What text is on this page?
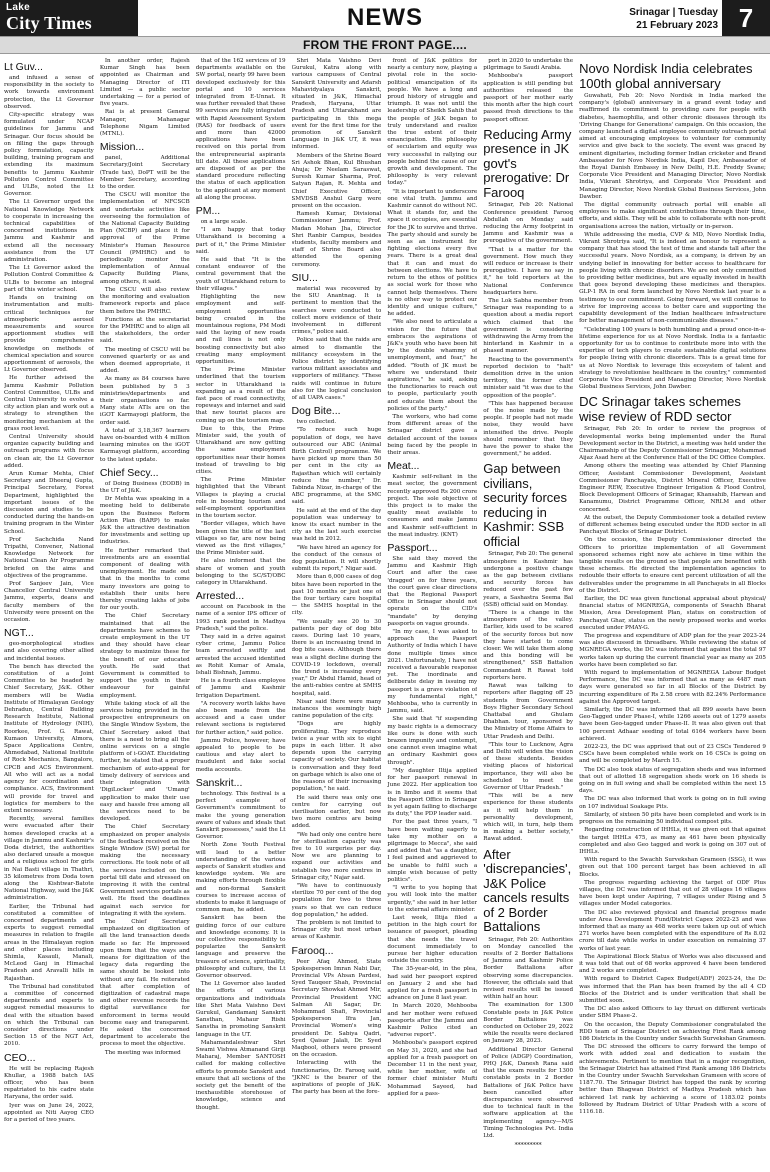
Lake
City Times	NEWS	Srinagar | Tuesday
21 February 2023 7
FROM THE FRONT PAGE....
Lt Guv...

and infused a sense of responsibility in the society to work towards environment protection, the Lt Governor observed.

City-specific strategy was formulated under NCAP guidelines for Jammu and Srinagar. Our focus should be on filling the gaps through policy formulation, capacity building, training program and extending its maximum benefits to Jammu Kashmir Pollution Control Committee and ULBs, noted the Lt Governor.

The Lt Governor urged the National Knowledge Network to cooperate in increasing the technical capabilities of concerned institutions in Jammu and Kashmir and extend all the necessary assistance from the UT administration.

The Lt Governor asked the Pollution Control Committee & ULBs to become an integral part of this winter school.

Hands on training on instrumentation and multi-critical techniques for atmospheric aerosol measurements and source apportionment studies will provide comprehensive knowledge on methods of chemical speciation and source apportionment of aerosols, the Lt Governor observed.

He further advised the Jammu Kashmir Pollution Control Committee, ULBs and Central University to evolve a city action plan and work out a strategy to strengthen the monitoring mechanism at the grass root level.

Central University should organize capacity building and outreach programs with focus on clean air, the Lt Governor added.

Arun Kumar Mehta, Chief Secretary and Dheeraj Gupta, Principal Secretary, Forest Department, highlighted the important issues of the discussion and studies to be conducted during the hands-on training program in the Winter School.

Prof Sachchida Nand Tripathi, Convener, National Knowledge Network for National Clean Air Programme briefed on the aims and objectives of the programme.

Prof Sanjeev Jain, Vice Chancellor Central University Jammu, experts, deans and faculty members of the University were present on the occasion.

NGT...

geo-morphological studies and also covering other allied and incidental issues.

The bench has directed the constitution of a Joint Committee to be headed by Chief Secretary, J&K. Other members will be Wadia Institute of Himalayan Geology Dehradun, Central Building Research Institute, National Institute of Hydrology (NIH), Roorkee, Prof. G. Rawat, Kumaon University, Almora, Space Applications Centre, Ahmedabad, National Institute of Rock Mechanics, Bangalore, CPCB and ACS Environment. All who will act as a nodal agency for coordination and compliance. ACS, Environment will provide for travel and logistics for members to the extent necessary.

Recently, several families were evacuated after their homes developed cracks at a village in Jammu and Kashmir's Doda district, the authorities also declared unsafe a mosque and a religious school for girls in Nai Basti village in Thathri, 35 kilometres from Doda town along the Kishtwar-Batote National Highway, said the J&K administration.

Earlier, the Tribunal had constituted a committee of concerned departments and experts to suggest remedial measures in relation to fragile areas in the Himalayan region and other places including Shimla, Kasauli, Manali, McLeod Ganj in Himachal Pradesh and Aravalli hills in Rajasthan.

The Tribunal had constituted a committee of concerned departments and experts to suggest remedial measures to deal with the situation based on which the Tribunal can consider directions under Section 15 of the NGT Act, 2010.

CEO...

He will be replacing Rajesh Khullar, a 1988 batch IAS officer, who has been repatriated to his cadre state Haryana, the order said.

Iyer was on June 24, 2022, appointed as Niti Aayog CEO for a period of two years.

In another order, Rajesh Kumar Singh has been appointed as Chairman and Managing Director of ITI Limited — a public sector undertaking — for a period of five years.

Rai is at present General Manager, Mahanagar Telephone Nigam Limited (MTNL).

Mission...

panel, Additional Secretary/Joint Secretary (Trade tax), DoPT will be the Member Secretary, according to the order.

The CSCU will monitor the implementation of NFCSCB and undertake activities like overseeing the formulation of the National Capacity Building Plan (NCBP) and place it for approval of the Prime Minister's Human Resource Council (PMHRC) and to periodically monitor the implementation of Annual Capacity Building Plans, among others, it said.

The CSCU will also review the monitoring and evaluation framework reports and place them before the PMHRC.

Functions at the secretariat for the PMHRC and to align all the stakeholders, the order said.

The meeting of CSCU will be convened quarterly or as and when deemed appropriate, it added.

As many as 84 courses have been published by 5 3 ministries/departments and their organisations so far. Many state ATIs are on the iGOT Karmayogi platform, the order said.

A total of 3,18,367 learners have on-boarded with 4 million learning minutes on the iGOT Karmayogi platform, according to the latest update.

Chief Secy...

of Doing Business (EODB) in the UT of J&K.

Dr Mehta was speaking in a meeting held to deliberate upon the Business Reform Action Plan (BARP) to make J&K the attractive destination for investments and setting up industries.

He further remarked that investments are an essential component of dealing with unemployment. He made out that in the months to come many investors are going to establish their units here thereby creating lakhs of jobs for our youth.

The Chief Secretary maintained that all the departments have schemes to create employment in the UT and they should have clear strategy to maximize these for the benefit of our educated youth. He said that Government is committed to support the youth in their endeavour for gainful employment.

While taking stock of all the services being provided in the prospective entrepreneurs on the Single Window System, the Chief Secretary asked that there is a need to bring all the online services on a single platform of i-GOAT. Elucidating further, he stated that a proper mechanism of auto-appeal for timely delivery of services and their integration with 'DigiLocker' and 'Umang' application to make their use easy and hassle free among all the services need to be developed.

The Chief Secretary emphasized on proper analysis of the feedback received on the Single Window (SW) portal for making the necessary corrections. He took note of all the services included on the portal till date and stressed on improving it with the central Government services portals as well. He fixed the deadlines against each service for integrating it with the system.

The Chief Secretary emphasized on digitization of all the land transaction deeds made so far. He impressed upon them that the ways and means for digitization of the legacy data regarding the same should be looked into without any fail. He reiterated that after completion of digitization of cadastral maps and other revenue records the digital surveillance for enforcement in terms would become easy and transparent. He asked the concerned department to accelerate the process to meet the objective.

The meeting was informed

that of the 162 services of 19 departments available on the SW portal, nearly 99 have been developed exclusively for this portal and 10 services integrated from E-Unnat. It was further revealed that these 99 services are fully integrated with Rapid Assessment System (RAS) for feedback of users and more than 42000 applications have been received on this portal from the entrepreneurial aspirants till date. All these applications are disposed of as per the standard procedure reflecting the status of each application to the applicant at any moment all along the process.

PM...

on a large scale.

"I am happy that today Uttarakhand is becoming a part of it," the Prime Minister said.

He said that "It is the constant endeavor of the central government that the youth of Uttarakhand return to their villages."

Highlighting the new employment and self-employment opportunities being created in the mountainous regions, PM Modi said the laying of new roads and rail lines is not only boosting connectivity but also creating many employment opportunities.

The Prime Minister underlined that the tourism sector in Uttarakhand is expanding as a result of the fast pace of road connectivity, ropeways and internet and said that new tourist places are coming up on the tourism map.

Due to this, the Prime Minister said, the youth of Uttarakhand are now getting the same employment opportunities near their homes instead of traveling to big cities.

The Prime Minister highlighted that the Vibrant Villages is playing a crucial role in boosting tourism and self-employment opportunities in the tourism sector.

"Border villages, which have been given the title of the last villages so far, are now being viewed as the first villages," the Prime Minister said.

He also informed that the share of women and youth belonging to the SC/ST/OBC category in Uttarakhand.

Arrested...

account on Facebook in the name of a senior IPS officer of 1993 rank posted in Madhya Pradesh," said the police.

They said in a drive against cyber crime, Jammu Police team arrested swiftly and arrested the accused identified as Rohit Kumar of Amala, Ishali Bishnah, Jammu.

He is a fourth class employee of Jammu and Kashmir Irrigation Department.

"A recovery worth lakhs have also been made from the accused and a case under relevant sections is registered for further action," said police.

Jammu Police, however, have appealed to people to be cautious and stay alert to fraudulent and fake social media accounts.

Sanskrit...

technology. This festival is a perfect example of Government's commitment to make the young generation aware of values and ideals that Sanskrit possesses," said the Lt Governor.

North Zone Youth Festival will lead to a better understanding of the various aspects of Sanskrit studies and knowledge system. We are making efforts through flexible and non-formal Sanskrit courses to increase access of students to make it language of common man, he added.

Sanskrit has been the guiding force of our culture and knowledge economy. It is our collective responsibility to popularize the Sanskrit language and preserve the treasure of science, spirituality, philosophy and culture, the Lt Governor observed.

The Lt Governor also lauded the efforts of various organizations and individuals like Shri Mata Vaishno Devi Gurukul, Gandamanj Sanskrit Sansthan, Mahaur Rishi Sanstha in promoting Sanskrit language in the UT.

Mahamandaleshwar Shri Swami Vishwa Atmanand Giriji Maharaj, Member SANTOSH called for making collective efforts to promote Sanskrit and ensure that all sections of the society get the benefit of the inexhaustible storehouse of knowledge, science and thought.

Shri Mata Vaishno Devi Gurukul, Katra along with various campuses of Central Sanskrit University and Adarsh Mahavidyalaya Sanskrit, situated in J&K, Himachal Pradesh, Haryana, Uttar Pradesh and Uttarakhand are participating in this mega event for the first time for the promotion of Sanskrit Language in J&K UT, it was informed.

Members of the Shrine Board Sri Ashok Bhan, Kul Bhushan Ahuja; Dr Neelam Saraswat, Suresh Kumar Sharma, Prof. Satyan Rajan, R. Mehta and Chief Executive Officer, SMVDSB Anshul Garg were present on the occasion.

Ramesh Kumar, Divisional Commissioner Jammu; Prof. Madan Mohan Jha, Director Shri Ranbir Campus, besides students, faculty members and staff of Shrine Board also attended the opening ceremony.

SIU...

material was recovered by the SIU Anantnag. It is pertinent to mention that the searches were conducted to collect more evidence of their involvement in different crimes," police said.

Police said that the raids are aimed to dismantle the militancy ecosystem in the Police district by identifying various militant associates and supporters of militancy. "These raids will continue in future also for the logical conclusion of all UAPA cases."

Dog Bite...

two collected.

"To reduce such huge population of dogs, we have outsourced our ABC (Animal Birth Control) programme. We have picked up more than 50 per cent in the city as Rajasthan which will certainly reduce the number," Dr. Tabinda Nizar, in-charge of the ABC programme, at the SMC said.

He said at the end of the day population was underway to know its exact number in the city as the last such exercise was held in 2012.

"We have hired an agency for the conduct of the census of dog population. It will shortly submit its report," Nigar said.

More than 6,000 cases of dog bites have been reported in the past 10 months or just one of the four tertiary care hospital — the SMHS hospital in the city.

"We usually see 20 to 30 patients per day of dog bite cases. During last 10 years, there is an increasing trend in dog bite cases. Although there was a slight decline during the COVID-19 lockdown, overall the trend is increasing every year," Dr Abdul Hamid, head of the anti-rabies centre at SMHS hospital, said.

Nisar said there were many instances the seemingly high canine population of the city.

"Dogs are highly proliferating. They reproduce twice a year with six to eight pups in each litter. It also depends upon the carrying capacity of society. Our habitat is conversation and they feed on garbage which is also one of the reasons of their increasing population," he said.

He said there was only one centre for carrying out sterilisation earlier, but now two more centres are being added.

"We had only one centre here for sterilisation capacity was five to 10 surgeries per day. Now we are planning to expand our activities and establish two more centres in Srinagar city," Najar said.

"We have to continuously sterilize 70 per cent of the dog population for two to three years so that we can reduce dog population," he added.

The problem is not limited to Srinagar city but most urban areas of Kashmir.

Farooq...

Peer Afaq Ahmed, State Spokesperson Imran Nabi Dar, Provincial VPs Ahsan Pardesi, Syed Tauqeer Shah, Provincial Secretary Showkat Ahmed Mir, Provincial President YNC Salman Ali Sagar, Dr. Mohammad Shafi, Provincial Spokesperson Ifra Jan, Provincial Women's wing president Dr. Sabiya Qadri, Syed Qaisar Jalali, Dr. Syed Maqbool, others were present on the occasion.

Interacting with the functionaries, Dr. Farooq said, "JKNC is the bearer of the aspirations of people of J&K. The party has been at the fore-

front of J&K politics for nearly a century now, playing a pivotal role in the socio-political emancipation of its people. We have a long and proud history of struggle and triumph. It was not until the leadership of Sheikh Sahib that the people of J&K began to truly understand and realize the true extent of their emancipation. His philosophy of secularism and equity was very successful in rallying our people behind the cause of our growth and development. The philosophy is very relevant today."

"It is important to underscore one vital truth. Jammu and Kashmir cannot do without NC. What it stands for, and the space it occupies, are essential for the JK to survive and thrive. The party should and surely be seen as an instrument for fighting elections every five years. There is a great deal that it can and must do between elections. We have to return to the ethos of politics as social work for those who cannot help themselves. There is no other way to protect our identity and unique culture," he added.

"We also need to articulate a vision for the future that embraces the aspirations of J&K's youth who have been hit by the double whammy of unemployment, and fear," he added. "Youth of JK must be where we understand their aspirations," he said, asking the functionaries to reach out to people, particularly youth and educate them about the policies of the party."

The workers, who had come from different areas of the Srinagar district gave a detailed account of the issues being faced by the people in their areas.

Meat...

Kashmir self-reliant in the meat sector, the government recently approved Rs 200 crore project. The sole objective of this project is to make the quality meat available to consumers and make Jammu and Kashmir self-sufficient in the meat industry. (KNT)

Passport...

She said they moved the Jammu and Kashmir High Court and after the case 'dragged' on for three years, the court gave clear directions that the Regional Passport Office in Srinagar should not operate on the CID's "mandate" by denying passports on vague grounds.

"In my case, I was asked to approach the Passport Authority of India which I have done multiple times since 2021. Unfortunately, I have not received a favourable response yet. The inordinate and deliberate delay in issuing my passport is a grave violation of my fundamental right," Mehbooba, who is currently in Jammu, said.

She said that "if suspending my basic rights is a democracy like ours is done with such brazen impunity and contempt, one cannot even imagine what an ordinary Kashmiri goes through".

"My daughter Iltija applied for her passport renewal in June 2022. Her application too is in limbo and it seems that the Passport Office in Srinagar is yet again failing to discharge its duty," the PDP leader said.

For the past three years, "I have been waiting eagerly to take my mother on a pilgrimage to Mecca", she said and added that "as a daughter, I feel pained and aggrieved to be unable to fulfil such a simple wish because of petty politics".

"I write to you hoping that you will look into the matter urgently," she said in her letter to the external affairs minister.

Last week, Iltija filed a petition in the high court for issuance of passport, pleading that she needs the travel document immediately to pursue her higher education outside the country.

The 35-year-old, in the plea, had said her passport expired on January 2 and she had applied for a fresh passport in advance on June 8 last year.

In March 2020, Mehbooba and her mother were refused passports after the Jammu and Kashmir Police cited an "adverse report".

Mehbooba's passport expired on May 31, 2020, and she had applied for a fresh passport on December 11 in the next year, while her mother, wife of former chief minister Mufti Mohammad Sayeed, had applied for a pass-

port in 2020 to undertake the pilgrimage to Saudi Arabia.

Mehbooba's passport application is still pending but authorities released the passport of her mother early this month after the high court passed fresh directions to the passport officer.

Reducing Army presence in JK govt's prerogative: Dr Farooq

Srinagar, Feb 20: National Conference president Farooq Abdullah on Monday said reducing the Army footprint in Jammu and Kashmir was a prerogative of the government.

"That is a matter for the government. How much they will reduce or increase is their prerogative. I have no say in it," he told reporters at the National Conference headquarters here.

The Lok Sabha member from Srinagar was responding to a question about a media report which claimed that the government is considering withdrawing the Army from the hinterland in Kashmir in a phased manner.

Reacting to the government's reported decision to "halt" demolition drive in the union territory, the former chief minister said "it was due to the opposition of the people".

"This has happened because of the noise made by the people. If people had not made noise, they would have intensified the drive. People should remember that they have the power to shake the government," he added.

Gap between civilians, security forces reducing in Kashmir: SSB official

Srinagar, Feb 20: The general atmosphere in Kashmir has undergone a positive change as the gap between civilians and security forces has reduced over the past few years, a Sashastra Seema Bal (SSB) official said on Monday.

"There is a change in the atmosphere of the valley. Earlier, kids used to be scared of the security forces but now they have started to come closer. We will take them along and this bonding will be strengthened," SSB Battalion Commandant R Rawat told reporters here.

Rawat was talking to reporters after flagging off 25 students from Government Boys Higher Secondary School Chattabal and Ghulam Dhabhan. tour, sponsored by the Ministry of Home Affairs to Uttar Pradesh and Delhi.

"This tour to Lucknow, Agra and Delhi will widen the vision of these students. Besides visiting places of historical importance, they will also be scheduled to meet the Governor of Uttar Pradesh."

"This will be a new experience for these students as it will help them in personality development, which will, in turn, help them in making a better society," Rawat added.

After 'discrepancies', J&K Police cancels results of 2 Border Battalions

Srinagar, Feb 20: Authorities on Monday cancelled the results of 2 Border Battalions of Jammu and Kashmir Police Border Battalions after observing some discrepancies. However, the officials said that revised results will be issued within half an hour.

The examination for 1300 Constable posts in J&K Police Border Battalions was conducted on October 29, 2022 while the results were declared on January 28, 2023.

Additional Director General of Police (ADGP) Coordination, PHQ J&K, Danesh Rana said that the exam results for 1300 constable posts in 2 Border Battalions of J&K Police have been cancelled after discrepancies were observed due to technical fault in the software application at the implementing agency—M/S Timing Technologies Pvt. India Ltd.

*********
Novo Nordisk India celebrates 100th global anniversary

Guwahati, Feb 20: Novo Nordisk in India marked the company's (global) anniversary in a grand event today and reaffirmed its commitment to providing care for people with diabetes, haemophilia, and other chronic diseases through its 'Driving Change for Generations' campaign. On this occasion, the company launched a digital employee community outreach portal aimed at encouraging employees to volunteer for community service and give back to the society. The event was graced by eminent dignitaries, including former Indian cricketer and Brand Ambassador for Novo Nordisk India, Kapil Dev, Ambassador of the Royal Danish Embassy in New Delhi, H.E. Freddy Svane; Corporate Vice President and Managing Director, Novo Nordisk India, Vikrant Shrotriya, and Corporate Vice President and Managing Director, Novo Nordisk Global Business Services, John Dawber.

The digital community outreach portal will enable all employees to make significant contributions through their time, efforts, and skills. They will be able to collaborate with non-profit organisations across the nation, virtually or in-person.

While addressing the media, CVP & MD, Novo Nordisk India, Vikrant Shrotriya said, "It is indeed an honour to represent a company that has stood the test of time and stands tall after the successful years. Novo Nordisk, as a company, is driven by an undying belief in innovating for better access to healthcare for people living with chronic disorders. We are not only committed to providing better medicines, but are equally invested in health that goes beyond developing these medicines and therapies. GLP-1 RA in oral form launched by Novo Nordisk last year is a testimony to our commitment. Going forward, we will continue to strive for improving access to better care and supporting the capability development of the Indian healthcare infrastructure for better management of non-communicable diseases."

"Celebrating 100 years is both humbling and a proud once-in-a-lifetime experience for us at Novo Nordisk. India is a fantastic opportunity for us to continue to contribute more into with the expertise of tech players to create sustainable digital solutions for people living with chronic disorders. This is a great time for us at Novo Nordisk to leverage this ecosystem of talent and strategy to revolutionise healthcare in the country," commented Corporate Vice President and Managing Director, Novo Nordisk Global Business Services, John Dawber.

DC Srinagar takes schemes wise review of RDD sector

Srinagar, Feb 20: In order to review the progress of developmental works being implemented under the Rural Development sector in the District, a meeting was held under the Chairmanship of the Deputy Commissioner Srinagar, Mohammad Aijaz Asad here at the Conference Hall of the DC Office Complex.

Among others the meeting was attended by Chief Planning Officer, Assistant Commissioner Development, Assistant Commissioner Panchayats, District Mineral Officer, Executive Engineer REW, Executive Engineer Irrigation & Flood Control, Block Development Officers of Srinagar, Khansahib, Harwan and Kanamumu, District Programme Officer, NRLM and other concerned.

At the outset, the Deputy Commissioner took a detailed review of different schemes being executed under the RDD sector in all Panchayat Blocks of Srinagar District.

On the occasion, the Deputy Commissioner directed the Officers to prioritize implementation of all Government sponsored schemes right now ate achieve in time within the tangible results on the ground so that people are benefited with these schemes. He directed the implementation agencies to redouble their efforts to ensure cent percent utilization of all the deliverables under the programme in all Panchayats in all Blocks of the District.

Earlier, the DC was given functional appraisal about physical/ financial status of MGNREGA, components of Swachh Bharat Mission, Area Development Plan, status on construction of Panchayat Ghar, status on the newly proposed works and works executed under PMAY-G.

The progress and expenditure of ADP plan for the year 2023-24 was also discussed in threadbare. While reviewing the status of MGNREGA works, the DC was informed that against the total 97 works taken up during the current financial year as many as 205 works have been completed so far.

With regard to implementation of MGNREGA Labour Budget Performance, the DC was informed that as many as 4487 man days were generated so far in all Blocks of the District by incurring expenditure of Rs 2.58 crore with 82.24% Performance against the Approved target.

Similarly, the DC was informed that all 899 assets have been Geo-Tagged under Phase-I, while 1266 assets out of 1279 assets have been Geo-tagged under Phase-II. It was also given out that 100 percent Adhaar seeding of total 6164 workers have been achieved.

2022-23, the DC was apprised that out of 23 CSCs Tendered 9 CSCs have been completed while work on 16 CSCs is going on and will be completed by March 15.

The DC also took status of segregation sheds and was informed that out of allotted 18 segregation sheds work on 16 sheds is going on in full swing and shall be completed within the next 15 days.

The DC was also informed that work is going on in full swing on 107 individual Soakage Pits.

Similarly, of sixteen 50 pits have been completed and work is in progress on the remaining 50 individual compost pits.

Regarding construction of IHHLs, it was given out that against the target IHHLs 475, as many as 461 have been physically completed and also Geo tagged and work is going on 307 out of IHHLs.

With regard to the Swachh Survekshan Grameen (SSG), it was given out that 100 percent target has been achieved in all Blocks.

The progress regarding achieving the target of ODF Plus villages, the DC was informed that out of 28 villages 16 villages have been kept under Aspiring, 7 villages under Rising and 5 villages under Model categories.

The DC also reviewed physical and financial progress made under Area Development Fund/District Capex 2022-23 and was informed that as many as 468 works were taken up out of which 271 works have been completed with the expenditure of Rs 8.02 crore till date while works in under execution on remaining 37 works of last year.

The Aspirational Block Status of Works was also discussed and it was told that out of 68 works approved 4 have been tendered and 2 works are completed.

With regard to District Capex Budget(ADF) 2023-24, the Dc was informed that the Plan has been framed by the all 4 CD Blocks of the District and is under verification that shall be submitted soon.

The DC also asked Officers to lay thrust on different verticals under SBM Phase-2.

On the occasion, the Deputy Commissioner congratulated the RDD team of Srinagar District on achieving First Rank among 186 Districts in the Country under Swachh Survekshan Grameen.

The DC stressed the officers to carry forward the tempo of work with added zeal and dedication to sustain the achievements. Pertinent to mention that in a major recognition, the Srinagar District has attained First Rank among 186 Districts in the Country under Swachh Survekshan Grameen with score of 1187.70. The Srinagar District has topped the rank by scoring better than Bhagwan District of Madhya Pradesh which has achieved 1st rank by achieving a score of 1183.02 points followed by Rudram District of Uttar Pradesh with a score of 1116.18.
